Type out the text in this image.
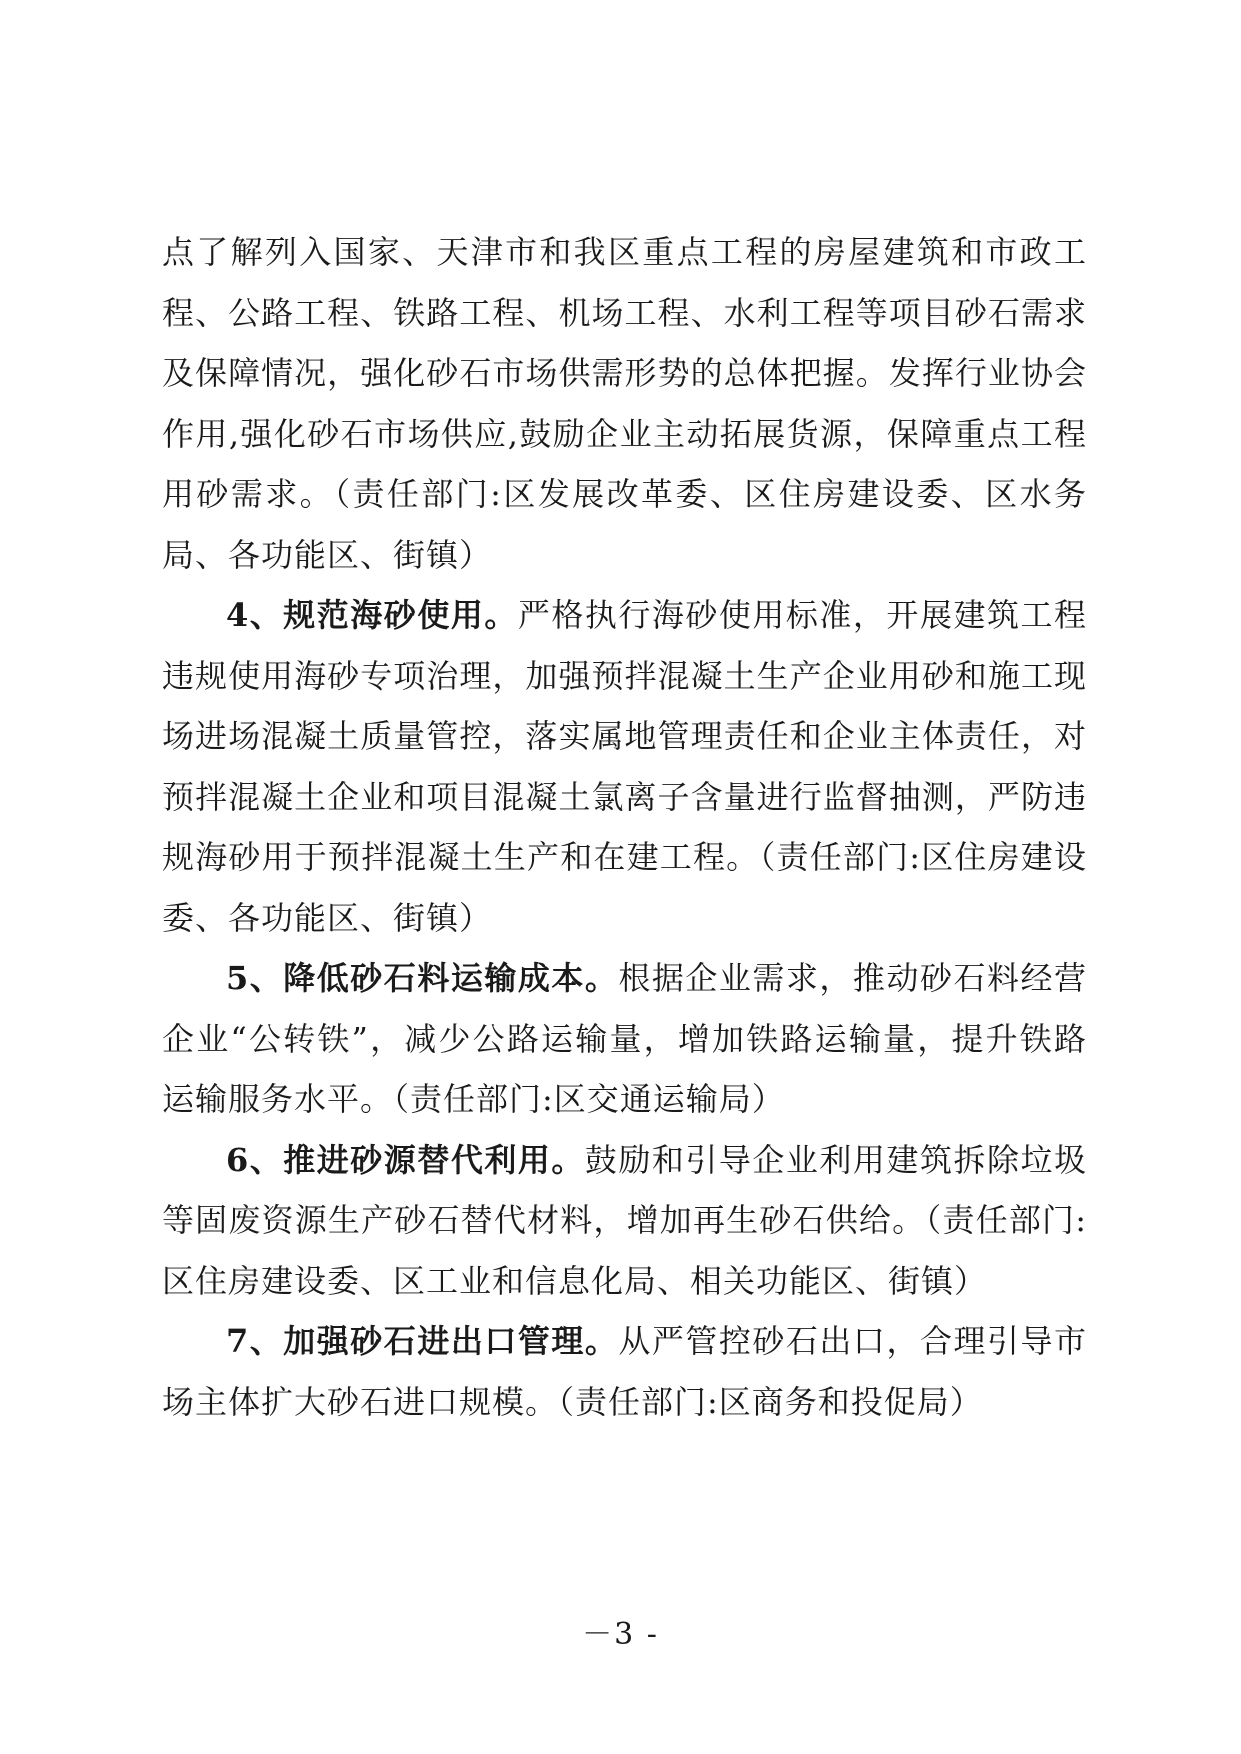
点了解列入国家、天津市和我区重点工程的房屋建筑和市政工程、公路工程、铁路工程、机场工程、水利工程等项目砂石需求及保障情况，强化砂石市场供需形势的总体把握。发挥行业协会作用,强化砂石市场供应,鼓励企业主动拓展货源，保障重点工程用砂需求。（责任部门:区发展改革委、区住房建设委、区水务局、各功能区、街镇）

4、规范海砂使用。严格执行海砂使用标准，开展建筑工程违规使用海砂专项治理，加强预拌混凝土生产企业用砂和施工现场进场混凝土质量管控，落实属地管理责任和企业主体责任，对预拌混凝土企业和项目混凝土氯离子含量进行监督抽测，严防违规海砂用于预拌混凝土生产和在建工程。（责任部门:区住房建设委、各功能区、街镇）

5、降低砂石料运输成本。根据企业需求，推动砂石料经营企业“公转铁”，减少公路运输量，增加铁路运输量，提升铁路运输服务水平。（责任部门:区交通运输局）

6、推进砂源替代利用。鼓励和引导企业利用建筑拆除垃圾等固废资源生产砂石替代材料，增加再生砂石供给。（责任部门:区住房建设委、区工业和信息化局、相关功能区、街镇）

7、加强砂石进出口管理。从严管控砂石出口，合理引导市场主体扩大砂石进口规模。（责任部门:区商务和投促局）

－3 -
